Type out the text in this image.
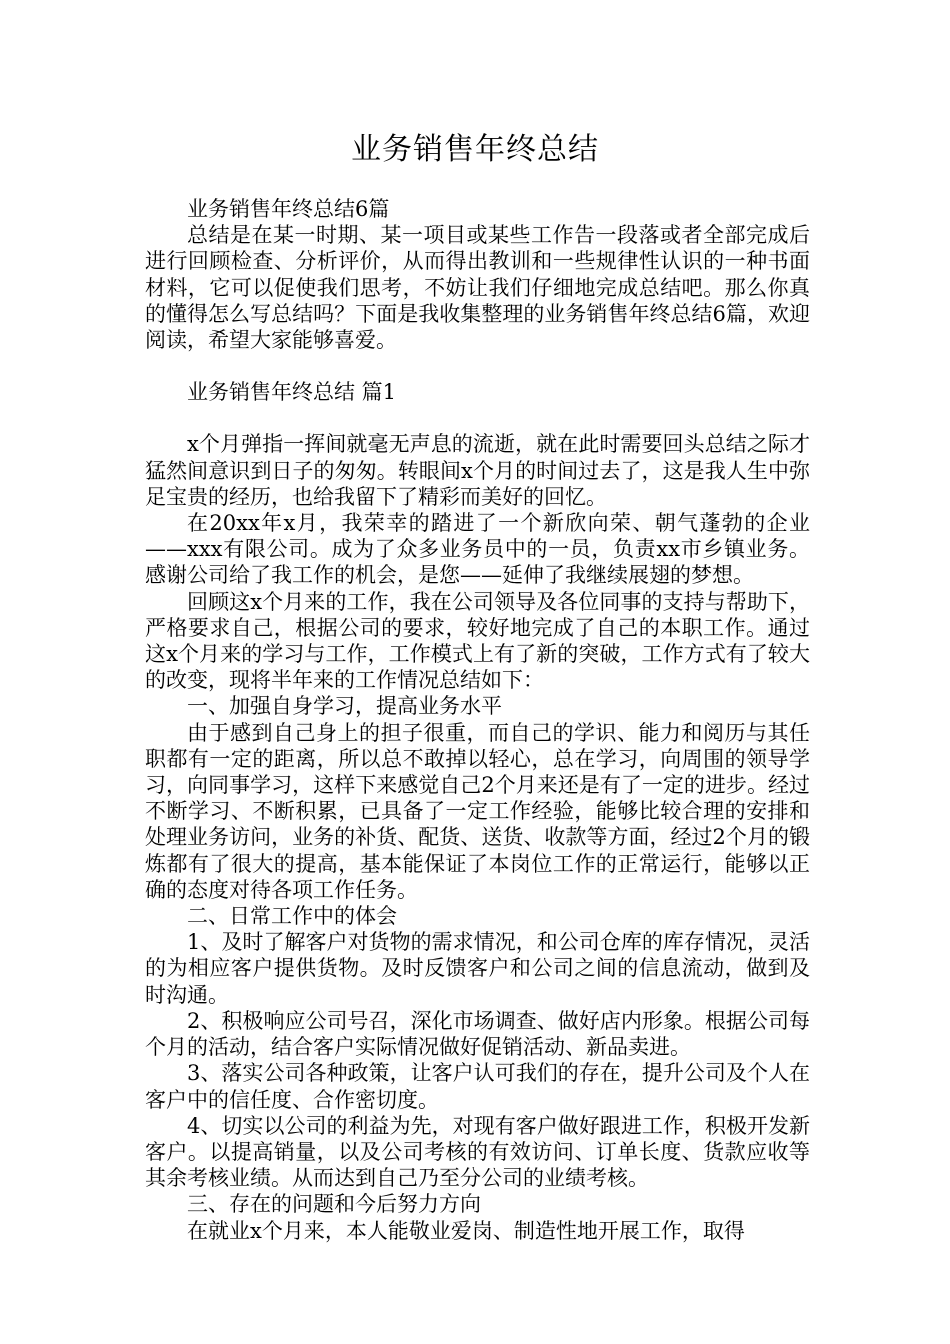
业务销售年终总结

业务销售年终总结6篇

总结是在某一时期、某一项目或某些工作告一段落或者全部完成后进行回顾检查、分析评价，从而得出教训和一些规律性认识的一种书面材料，它可以促使我们思考，不妨让我们仔细地完成总结吧。那么你真的懂得怎么写总结吗？下面是我收集整理的业务销售年终总结6篇，欢迎阅读，希望大家能够喜爱。

业务销售年终总结 篇1

x个月弹指一挥间就毫无声息的流逝，就在此时需要回头总结之际才猛然间意识到日子的匆匆。转眼间x个月的时间过去了，这是我人生中弥足宝贵的经历，也给我留下了精彩而美好的回忆。

在20xx年x月，我荣幸的踏进了一个新欣向荣、朝气蓬勃的企业——xxx有限公司。成为了众多业务员中的一员，负责xx市乡镇业务。感谢公司给了我工作的机会，是您——延伸了我继续展翅的梦想。

回顾这x个月来的工作，我在公司领导及各位同事的支持与帮助下，严格要求自己，根据公司的要求，较好地完成了自己的本职工作。通过这x个月来的学习与工作，工作模式上有了新的突破，工作方式有了较大的改变，现将半年来的工作情况总结如下：

一、加强自身学习，提高业务水平

由于感到自己身上的担子很重，而自己的学识、能力和阅历与其任职都有一定的距离，所以总不敢掉以轻心，总在学习，向周围的领导学习，向同事学习，这样下来感觉自己2个月来还是有了一定的进步。经过不断学习、不断积累，已具备了一定工作经验，能够比较合理的安排和处理业务访问，业务的补货、配货、送货、收款等方面，经过2个月的锻炼都有了很大的提高，基本能保证了本岗位工作的正常运行，能够以正确的态度对待各项工作任务。

二、日常工作中的体会

1、及时了解客户对货物的需求情况，和公司仓库的库存情况，灵活的为相应客户提供货物。及时反馈客户和公司之间的信息流动，做到及时沟通。

2、积极响应公司号召，深化市场调查、做好店内形象。根据公司每个月的活动，结合客户实际情况做好促销活动、新品卖进。

3、落实公司各种政策，让客户认可我们的存在，提升公司及个人在客户中的信任度、合作密切度。

4、切实以公司的利益为先，对现有客户做好跟进工作，积极开发新客户。以提高销量，以及公司考核的有效访问、订单长度、货款应收等其余考核业绩。从而达到自己乃至分公司的业绩考核。

三、存在的问题和今后努力方向

在就业x个月来，本人能敬业爱岗、制造性地开展工作，取得
